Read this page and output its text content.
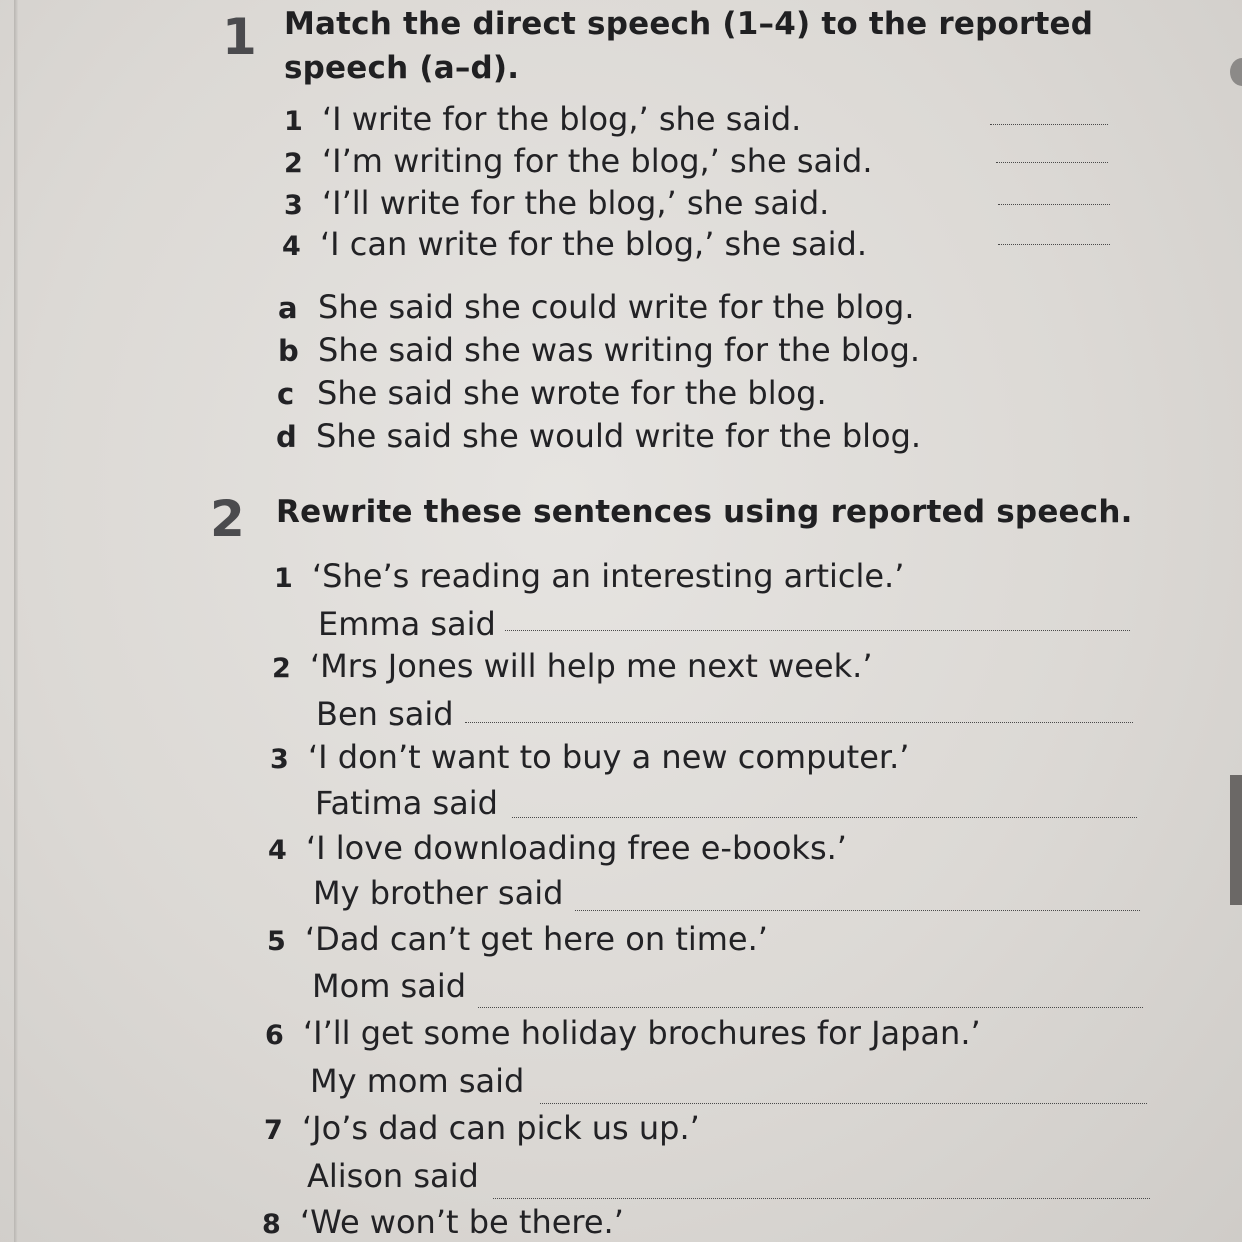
1 Match the direct speech (1–4) to the reported
speech (a–d).
1 ‘I write for the blog,’ she said.
2 ‘I’m writing for the blog,’ she said.
3 ‘I’ll write for the blog,’ she said.
4 ‘I can write for the blog,’ she said.
a She said she could write for the blog.
b She said she was writing for the blog.
c She said she wrote for the blog.
d She said she would write for the blog.
2 Rewrite these sentences using reported speech.
1 ‘She’s reading an interesting article.’
Emma said
2 ‘Mrs Jones will help me next week.’
Ben said
3 ‘I don’t want to buy a new computer.’
Fatima said
4 ‘I love downloading free e-books.’
My brother said
5 ‘Dad can’t get here on time.’
Mom said
6 ‘I’ll get some holiday brochures for Japan.’
My mom said
7 ‘Jo’s dad can pick us up.’
Alison said
8 ‘We won’t be there.’
